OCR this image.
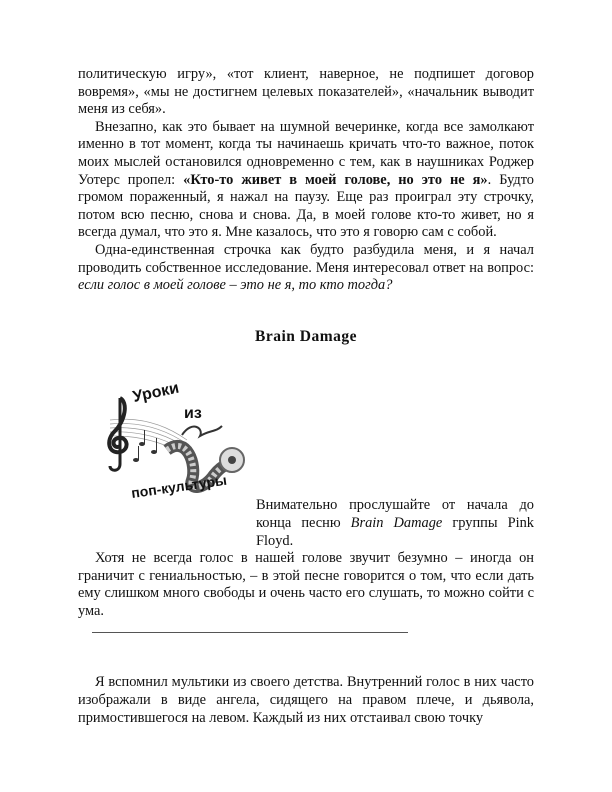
политическую игру», «тот клиент, наверное, не подпишет договор вовремя», «мы не достигнем целевых показателей», «начальник выводит меня из себя».

Внезапно, как это бывает на шумной вечеринке, когда все замолкают именно в тот момент, когда ты начинаешь кричать что-то важное, поток моих мыслей остановился одновременно с тем, как в наушниках Роджер Уотерс пропел: «Кто-то живет в моей голове, но это не я». Будто громом пораженный, я нажал на паузу. Еще раз проиграл эту строчку, потом всю песню, снова и снова. Да, в моей голове кто-то живет, но я всегда думал, что это я. Мне казалось, что это я говорю сам с собой.

Одна-единственная строчка как будто разбудила меня, и я начал проводить собственное исследование. Меня интересовал ответ на вопрос: если голос в моей голове – это не я, то кто тогда?

Brain Damage

Уроки
из
поп-культуры

Внимательно прослушайте от начала до конца песню Brain Damage группы Pink Floyd.

Хотя не всегда голос в нашей голове звучит безумно – иногда он граничит с гениальностью, – в этой песне говорится о том, что если дать ему слишком много свободы и очень часто его слушать, то можно сойти с ума.

Я вспомнил мультики из своего детства. Внутренний голос в них часто изображали в виде ангела, сидящего на правом плече, и дьявола, примостившегося на левом. Каждый из них отстаивал свою точку
